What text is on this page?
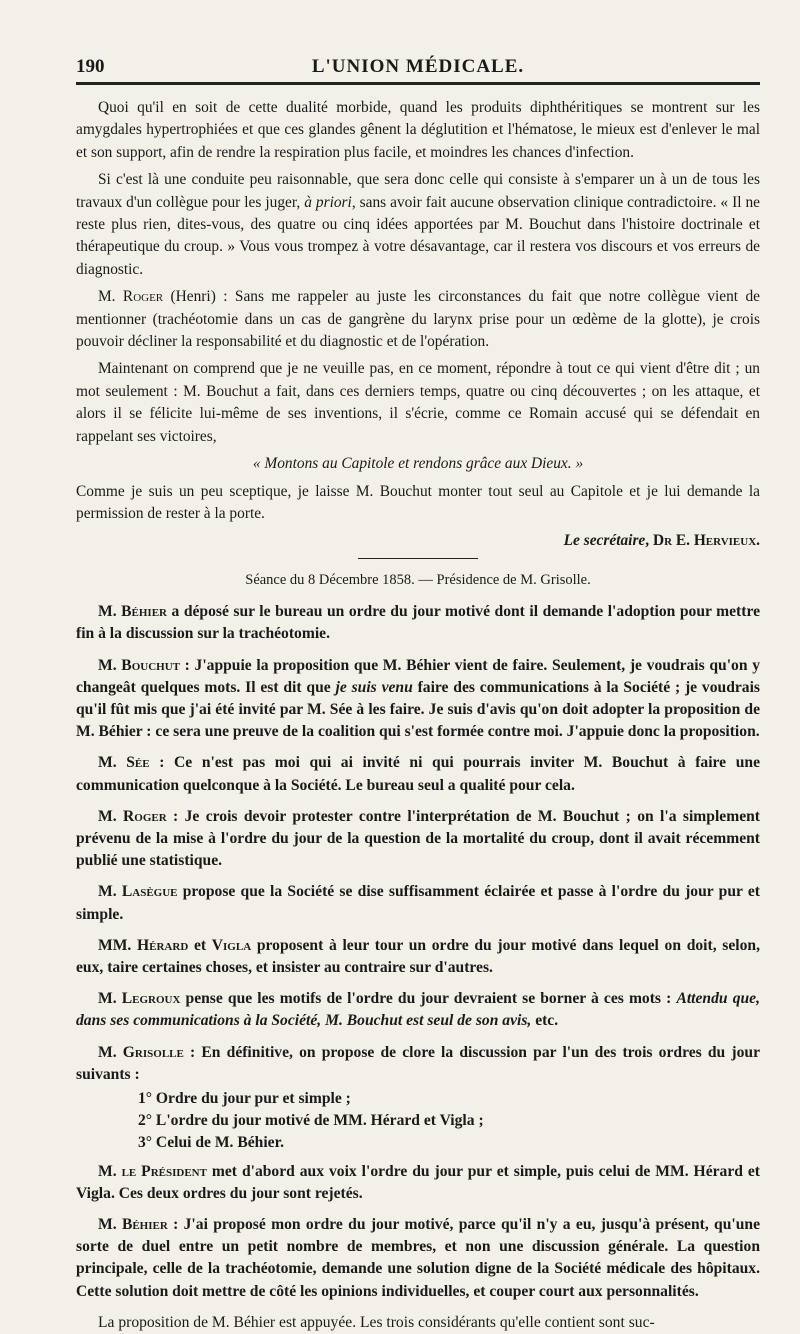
190	L'UNION MÉDICALE.

Quoi qu'il en soit de cette dualité morbide, quand les produits diphthéritiques se montrent sur les amygdales hypertrophiées et que ces glandes gênent la déglutition et l'hématose, le mieux est d'enlever le mal et son support, afin de rendre la respiration plus facile, et moindres les chances d'infection.

Si c'est là une conduite peu raisonnable, que sera donc celle qui consiste à s'emparer un à un de tous les travaux d'un collègue pour les juger, à priori, sans avoir fait aucune observation clinique contradictoire. « Il ne reste plus rien, dites-vous, des quatre ou cinq idées apportées par M. Bouchut dans l'histoire doctrinale et thérapeutique du croup. » Vous vous trompez à votre désavantage, car il restera vos discours et vos erreurs de diagnostic.

M. Roger (Henri) : Sans me rappeler au juste les circonstances du fait que notre collègue vient de mentionner (trachéotomie dans un cas de gangrène du larynx prise pour un œdème de la glotte), je crois pouvoir décliner la responsabilité et du diagnostic et de l'opération.

Maintenant on comprend que je ne veuille pas, en ce moment, répondre à tout ce qui vient d'être dit ; un mot seulement : M. Bouchut a fait, dans ces derniers temps, quatre ou cinq découvertes ; on les attaque, et alors il se félicite lui-même de ses inventions, il s'écrie, comme ce Romain accusé qui se défendait en rappelant ses victoires,

« Montons au Capitole et rendons grâce aux Dieux. »

Comme je suis un peu sceptique, je laisse M. Bouchut monter tout seul au Capitole et je lui demande la permission de rester à la porte.

Le secrétaire, Dr E. Hervieux.

Séance du 8 Décembre 1858. — Présidence de M. Grisolle.

M. Béhier a déposé sur le bureau un ordre du jour motivé dont il demande l'adoption pour mettre fin à la discussion sur la trachéotomie.

M. Bouchut : J'appuie la proposition que M. Béhier vient de faire. Seulement, je voudrais qu'on y changeât quelques mots. Il est dit que je suis venu faire des communications à la Société ; je voudrais qu'il fût mis que j'ai été invité par M. Sée à les faire. Je suis d'avis qu'on doit adopter la proposition de M. Béhier : ce sera une preuve de la coalition qui s'est formée contre moi. J'appuie donc la proposition.

M. Sée : Ce n'est pas moi qui ai invité ni qui pourrais inviter M. Bouchut à faire une communication quelconque à la Société. Le bureau seul a qualité pour cela.

M. Roger : Je crois devoir protester contre l'interprétation de M. Bouchut ; on l'a simplement prévenu de la mise à l'ordre du jour de la question de la mortalité du croup, dont il avait récemment publié une statistique.

M. Lasègue propose que la Société se dise suffisamment éclairée et passe à l'ordre du jour pur et simple.

MM. Hérard et Vigla proposent à leur tour un ordre du jour motivé dans lequel on doit, selon, eux, taire certaines choses, et insister au contraire sur d'autres.

M. Legroux pense que les motifs de l'ordre du jour devraient se borner à ces mots : Attendu que, dans ses communications à la Société, M. Bouchut est seul de son avis, etc.

M. Grisolle : En définitive, on propose de clore la discussion par l'un des trois ordres du jour suivants :

1° Ordre du jour pur et simple ;
2° L'ordre du jour motivé de MM. Hérard et Vigla ;
3° Celui de M. Béhier.

M. le Président met d'abord aux voix l'ordre du jour pur et simple, puis celui de MM. Hérard et Vigla. Ces deux ordres du jour sont rejetés.

M. Béhier : J'ai proposé mon ordre du jour motivé, parce qu'il n'y a eu, jusqu'à présent, qu'une sorte de duel entre un petit nombre de membres, et non une discussion générale. La question principale, celle de la trachéotomie, demande une solution digne de la Société médicale des hôpitaux. Cette solution doit mettre de côté les opinions individuelles, et couper court aux personnalités.

La proposition de M. Béhier est appuyée. Les trois considérants qu'elle contient sont suc-
